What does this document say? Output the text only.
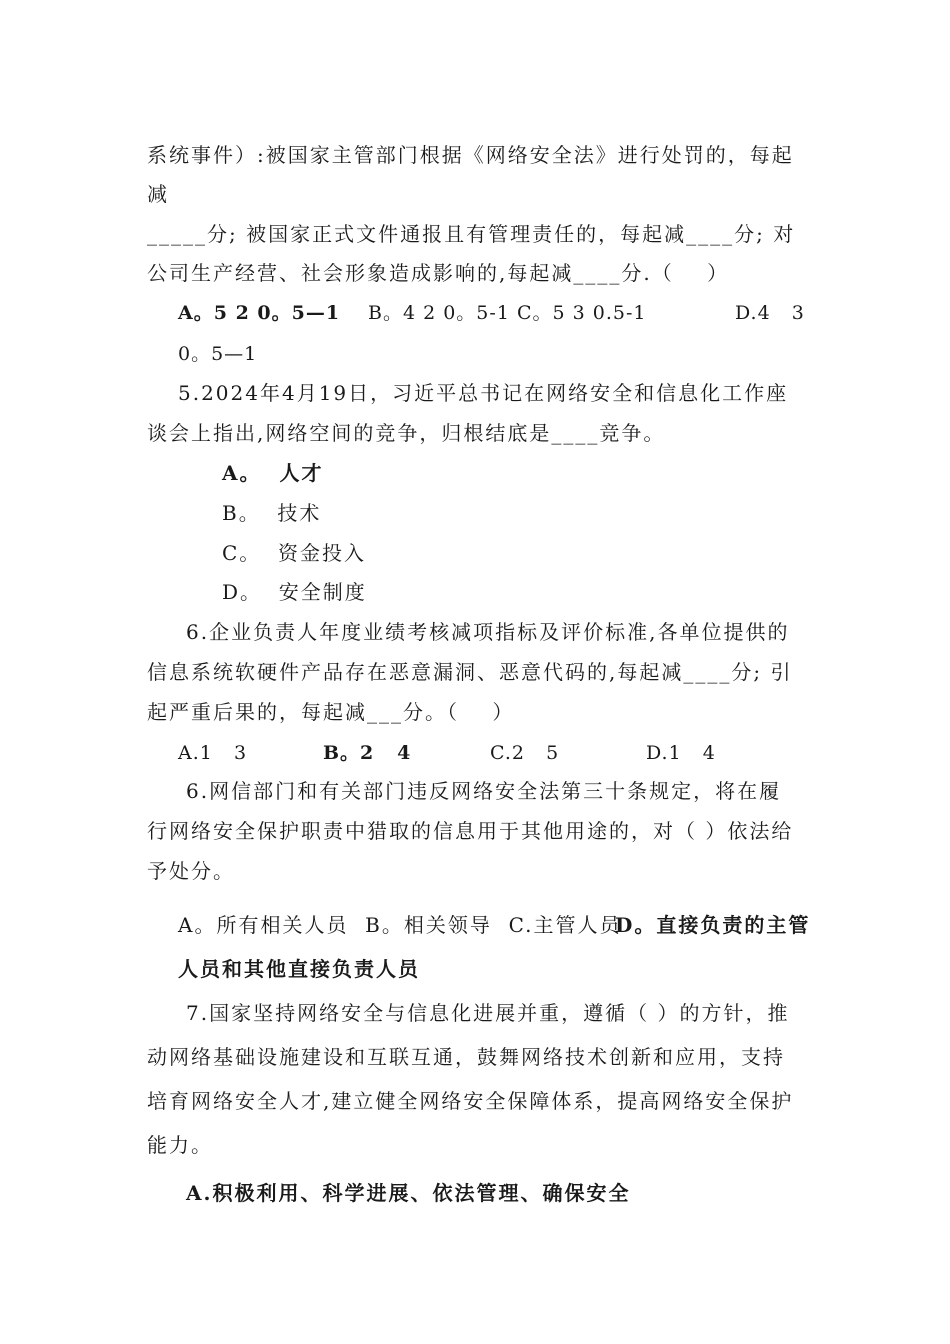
系统事件）:被国家主管部门根据《网络安全法》进行处罚的，每起
减
_____分; 被国家正式文件通报且有管理责任的，每起减____分; 对
公司生产经营、社会形象造成影响的,每起减____分.（    ）
A。5 2 0。5—1 B。4 2 0。5-1 C。5 3 0.5-1	D.4   3
0。5—1
5.2024年4月19日，习近平总书记在网络安全和信息化工作座
谈会上指出,网络空间的竞争，归根结底是____竞争。
A。  人才
B。  技术
C。  资金投入
D。  安全制度
6.企业负责人年度业绩考核减项指标及评价标准,各单位提供的
信息系统软硬件产品存在恶意漏洞、恶意代码的,每起减____分; 引
起严重后果的，每起减___分。（    ）
A.1   3	B。2   4	C.2   5	D.1   4
6.网信部门和有关部门违反网络安全法第三十条规定，将在履
行网络安全保护职责中猎取的信息用于其他用途的，对（ ）依法给
予处分。
A。所有相关人员  B。相关领导  C.主管人员
D。直接负责的主管
人员和其他直接负责人员
7.国家坚持网络安全与信息化进展并重，遵循（ ）的方针，推
动网络基础设施建设和互联互通，鼓舞网络技术创新和应用，支持
培育网络安全人才,建立健全网络安全保障体系，提高网络安全保护
能力。
A.积极利用、科学进展、依法管理、确保安全
